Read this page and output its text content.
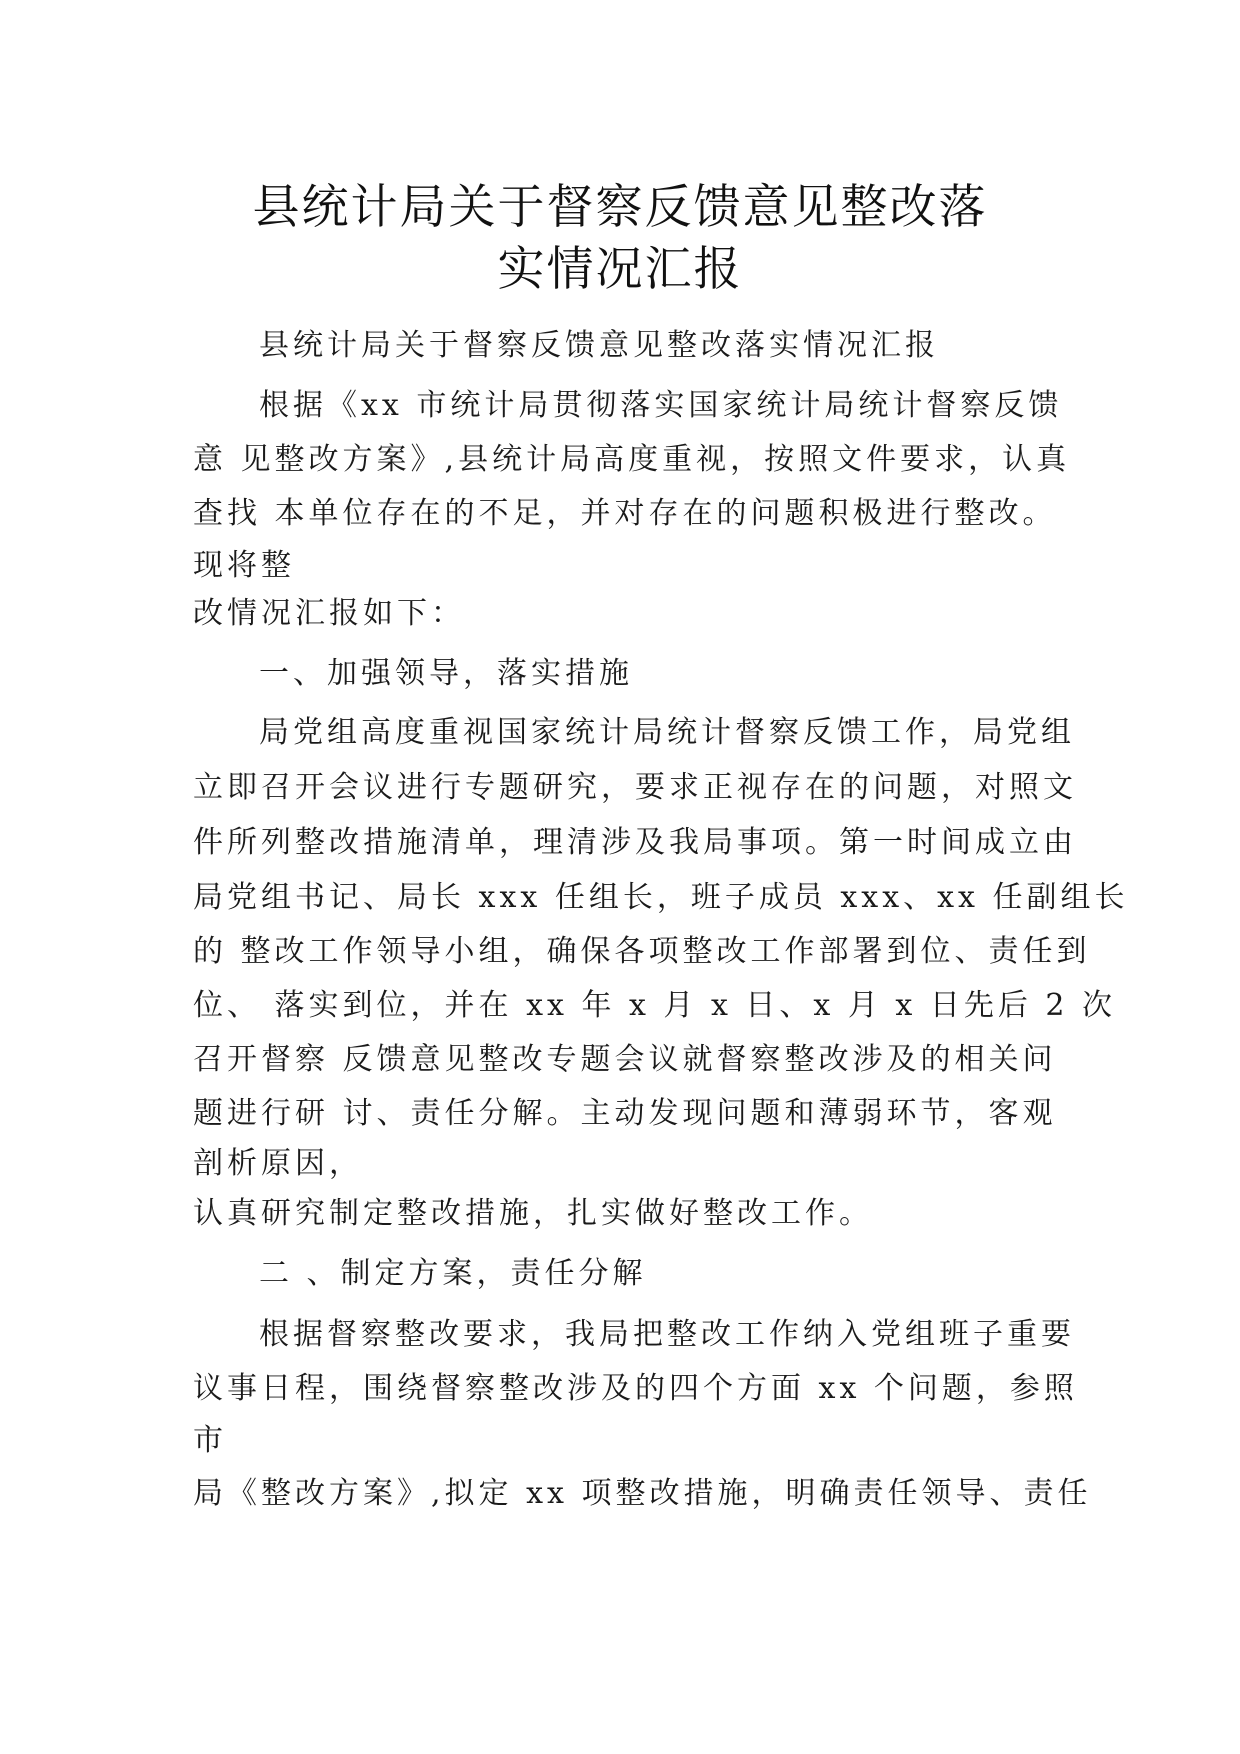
县统计局关于督察反馈意见整改落
实情况汇报
县统计局关于督察反馈意见整改落实情况汇报
根据《xx 市统计局贯彻落实国家统计局统计督察反馈
意 见整改方案》,县统计局高度重视，按照文件要求，认真
查找 本单位存在的不足，并对存在的问题积极进行整改。
现将整
改情况汇报如下：
一、加强领导，落实措施
局党组高度重视国家统计局统计督察反馈工作，局党组
立即召开会议进行专题研究，要求正视存在的问题，对照文
件所列整改措施清单，理清涉及我局事项。第一时间成立由
局党组书记、局长 xxx 任组长，班子成员 xxx、xx 任副组长
的 整改工作领导小组，确保各项整改工作部署到位、责任到
位、 落实到位，并在 xx 年 x 月 x 日、x 月 x 日先后 2 次
召开督察 反馈意见整改专题会议就督察整改涉及的相关问
题进行研 讨、责任分解。主动发现问题和薄弱环节，客观
剖析原因，
认真研究制定整改措施，扎实做好整改工作。
二 、制定方案，责任分解
根据督察整改要求，我局把整改工作纳入党组班子重要
议事日程，围绕督察整改涉及的四个方面 xx 个问题，参照
市
局《整改方案》,拟定 xx 项整改措施，明确责任领导、责任
